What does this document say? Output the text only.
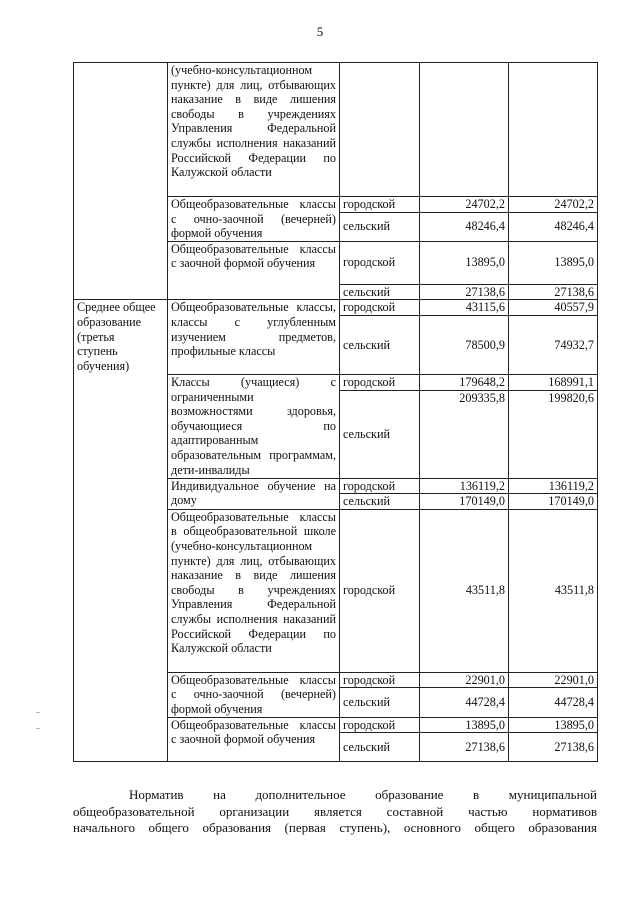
5
	(учебно-консультационном пункте) для лиц, отбывающих наказание в виде лишения свободы в учреждениях Управления Федеральной службы исполнения наказаний Российской Федерации по Калужской области			
	Общеобразовательные классы с очно-заочной (вечерней) формой обучения	городской	24702,2	24702,2
		сельский	48246,4	48246,4
	Общеобразовательные классы с заочной формой обучения	городской	13895,0	13895,0
		сельский	27138,6	27138,6

Среднее общее образование (третья ступень обучения)	Общеобразовательные классы, классы с углубленным изучением предметов, профильные классы	городской	43115,6	40557,9
		сельский	78500,9	74932,7
	Классы (учащиеся) с ограниченными возможностями здоровья, обучающиеся по адаптированным образовательным программам, дети-инвалиды	городской	179648,2	168991,1
		сельский	209335,8	199820,6
	Индивидуальное обучение на дому	городской	136119,2	136119,2
		сельский	170149,0	170149,0
	Общеобразовательные классы в общеобразовательной школе (учебно-консультационном пункте) для лиц, отбывающих наказание в виде лишения свободы в учреждениях Управления Федеральной службы исполнения наказаний Российской Федерации по Калужской области	городской	43511,8	43511,8
	Общеобразовательные классы с очно-заочной (вечерней) формой обучения	городской	22901,0	22901,0
		сельский	44728,4	44728,4
	Общеобразовательные классы с заочной формой обучения	городской	13895,0	13895,0
		сельский	27138,6	27138,6
Норматив на дополнительное образование в муниципальной
общеобразовательной организации является составной частью нормативов
начального общего образования (первая ступень), основного общего образования
